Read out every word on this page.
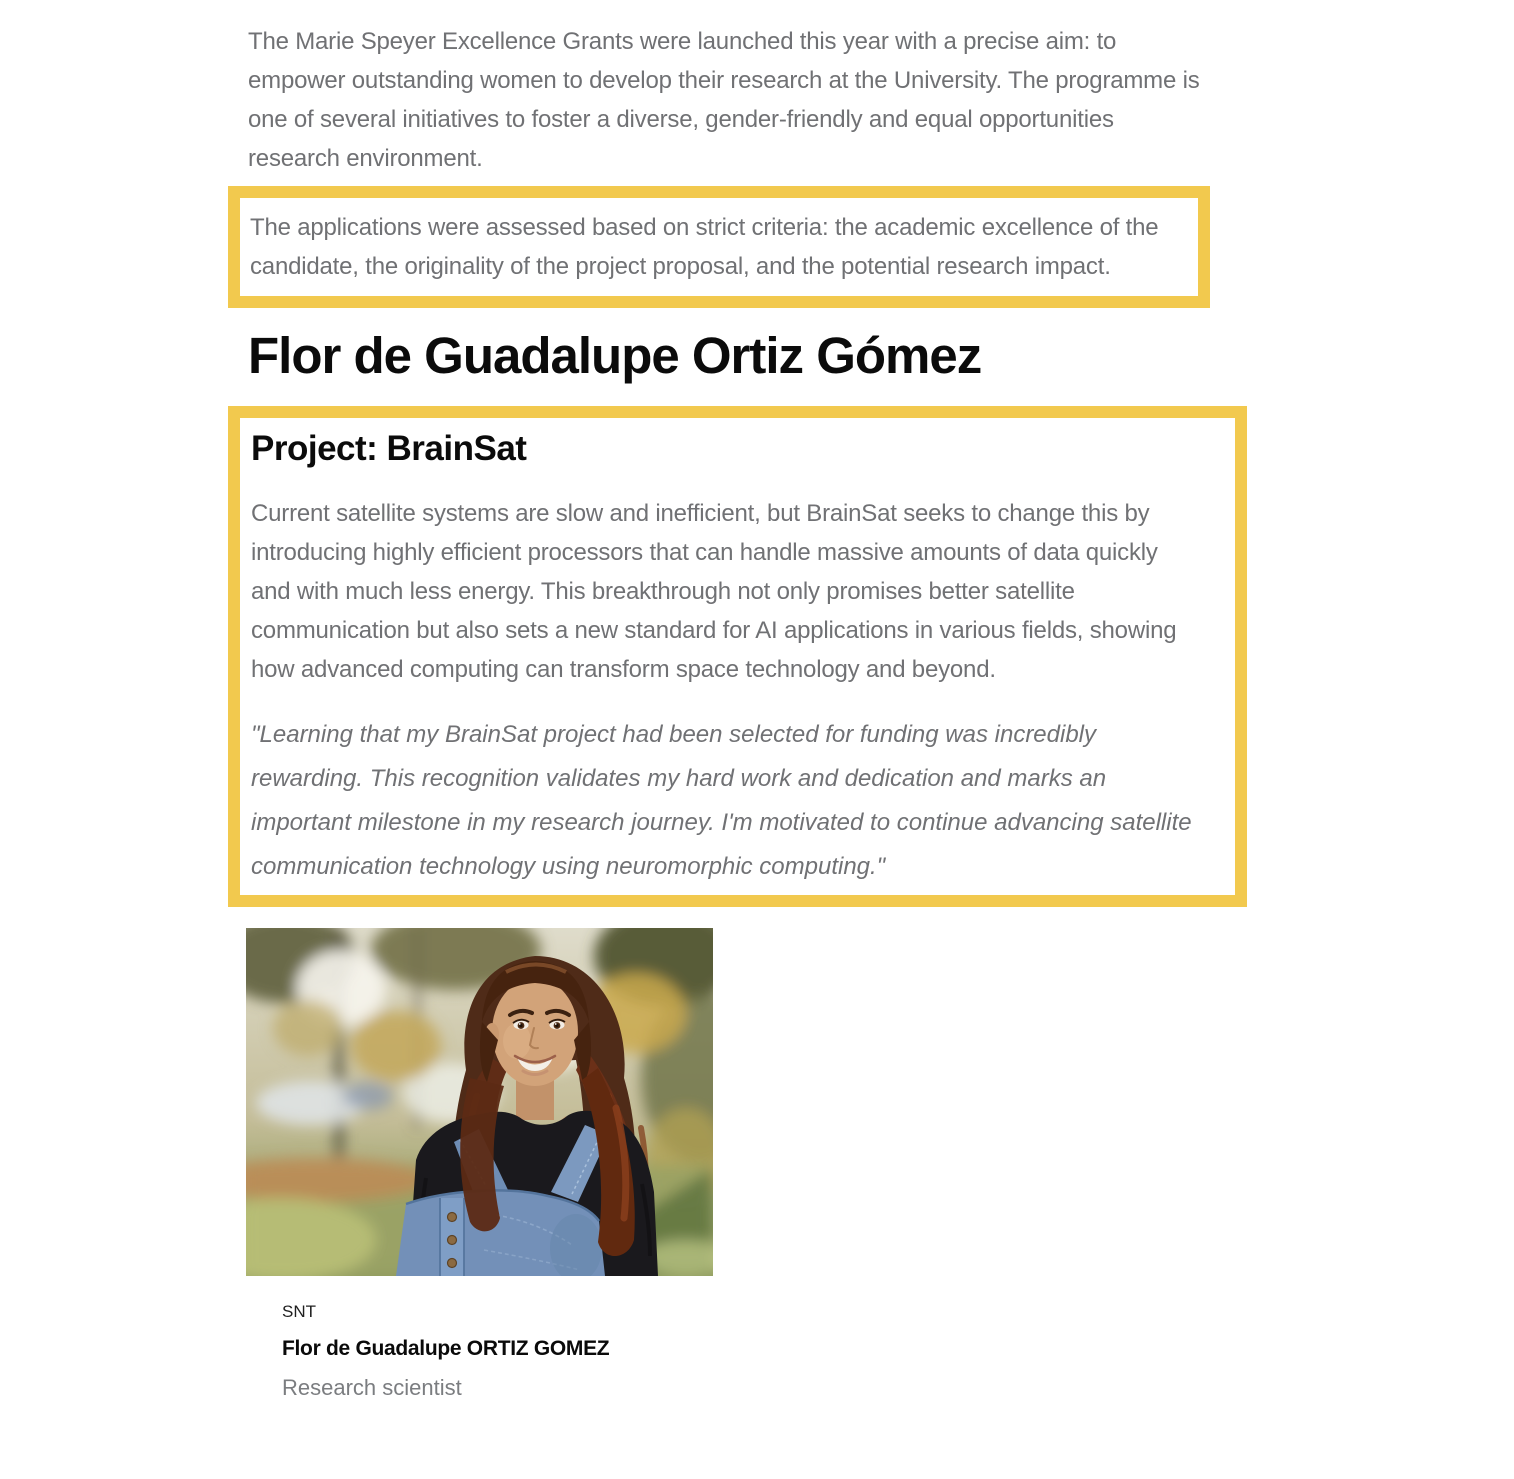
The Marie Speyer Excellence Grants were launched this year with a precise aim: to empower outstanding women to develop their research at the University. The programme is one of several initiatives to foster a diverse, gender-friendly and equal opportunities research environment.

The applications were assessed based on strict criteria: the academic excellence of the candidate, the originality of the project proposal, and the potential research impact.

Flor de Guadalupe Ortiz Gómez
Project: BrainSat

Current satellite systems are slow and inefficient, but BrainSat seeks to change this by introducing highly efficient processors that can handle massive amounts of data quickly and with much less energy. This breakthrough not only promises better satellite communication but also sets a new standard for AI applications in various fields, showing how advanced computing can transform space technology and beyond.

"Learning that my BrainSat project had been selected for funding was incredibly rewarding. This recognition validates my hard work and dedication and marks an important milestone in my research journey. I'm motivated to continue advancing satellite communication technology using neuromorphic computing."

SNT

Flor de Guadalupe ORTIZ GOMEZ

Research scientist
